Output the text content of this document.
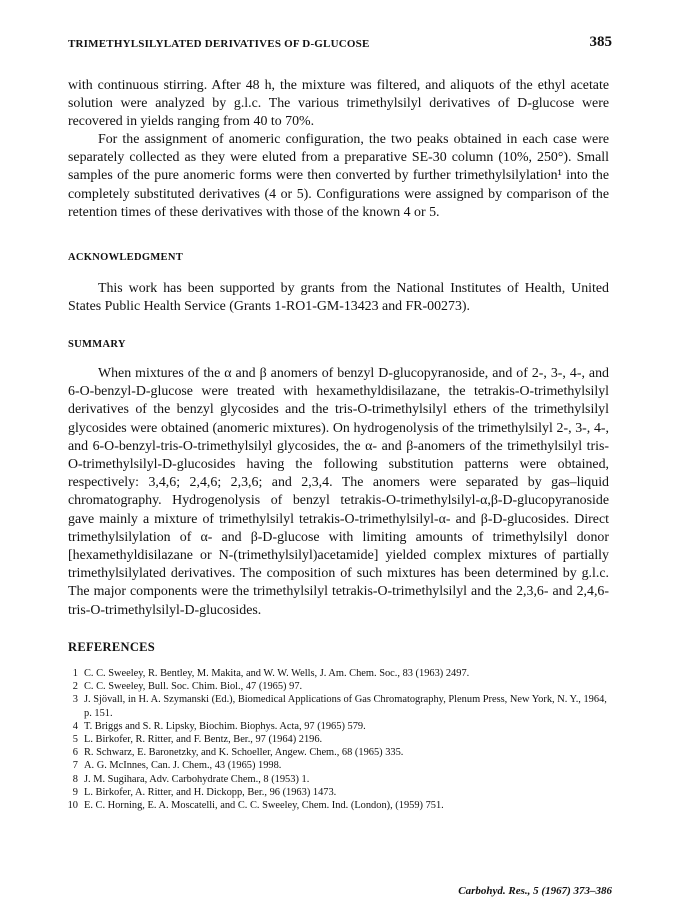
TRIMETHYLSILYLATED DERIVATIVES OF D-GLUCOSE	385

with continuous stirring. After 48 h, the mixture was filtered, and aliquots of the ethyl acetate solution were analyzed by g.l.c. The various trimethylsilyl derivatives of D-glucose were recovered in yields ranging from 40 to 70%.

For the assignment of anomeric configuration, the two peaks obtained in each case were separately collected as they were eluted from a preparative SE-30 column (10%, 250°). Small samples of the pure anomeric forms were then converted by further trimethylsilylation¹ into the completely substituted derivatives (4 or 5). Configurations were assigned by comparison of the retention times of these derivatives with those of the known 4 or 5.

ACKNOWLEDGMENT

This work has been supported by grants from the National Institutes of Health, United States Public Health Service (Grants 1-RO1-GM-13423 and FR-00273).

SUMMARY

When mixtures of the α and β anomers of benzyl D-glucopyranoside, and of 2-, 3-, 4-, and 6-O-benzyl-D-glucose were treated with hexamethyldisilazane, the tetrakis-O-trimethylsilyl derivatives of the benzyl glycosides and the tris-O-trimethylsilyl ethers of the trimethylsilyl glycosides were obtained (anomeric mixtures). On hydrogenolysis of the trimethylsilyl 2-, 3-, 4-, and 6-O-benzyl-tris-O-trimethylsilyl glycosides, the α- and β-anomers of the trimethylsilyl tris-O-trimethylsilyl-D-glucosides having the following substitution patterns were obtained, respectively: 3,4,6; 2,4,6; 2,3,6; and 2,3,4. The anomers were separated by gas–liquid chromatography. Hydrogenolysis of benzyl tetrakis-O-trimethylsilyl-α,β-D-glucopyranoside gave mainly a mixture of trimethylsilyl tetrakis-O-trimethylsilyl-α- and β-D-glucosides. Direct trimethylsilylation of α- and β-D-glucose with limiting amounts of trimethylsilyl donor [hexamethyldisilazane or N-(trimethylsilyl)acetamide] yielded complex mixtures of partially trimethylsilylated derivatives. The composition of such mixtures has been determined by g.l.c. The major components were the trimethylsilyl tetrakis-O-trimethylsilyl and the 2,3,6- and 2,4,6-tris-O-trimethylsilyl-D-glucosides.

REFERENCES
1 C. C. Sweeley, R. Bentley, M. Makita, and W. W. Wells, J. Am. Chem. Soc., 83 (1963) 2497.
2 C. C. Sweeley, Bull. Soc. Chim. Biol., 47 (1965) 97.
3 J. Sjövall, in H. A. Szymanski (Ed.), Biomedical Applications of Gas Chromatography, Plenum Press, New York, N. Y., 1964, p. 151.
4 T. Briggs and S. R. Lipsky, Biochim. Biophys. Acta, 97 (1965) 579.
5 L. Birkofer, R. Ritter, and F. Bentz, Ber., 97 (1964) 2196.
6 R. Schwarz, E. Baronetzky, and K. Schoeller, Angew. Chem., 68 (1965) 335.
7 A. G. McInnes, Can. J. Chem., 43 (1965) 1998.
8 J. M. Sugihara, Adv. Carbohydrate Chem., 8 (1953) 1.
9 L. Birkofer, A. Ritter, and H. Dickopp, Ber., 96 (1963) 1473.
10 E. C. Horning, E. A. Moscatelli, and C. C. Sweeley, Chem. Ind. (London), (1959) 751.
Carbohyd. Res., 5 (1967) 373–386
